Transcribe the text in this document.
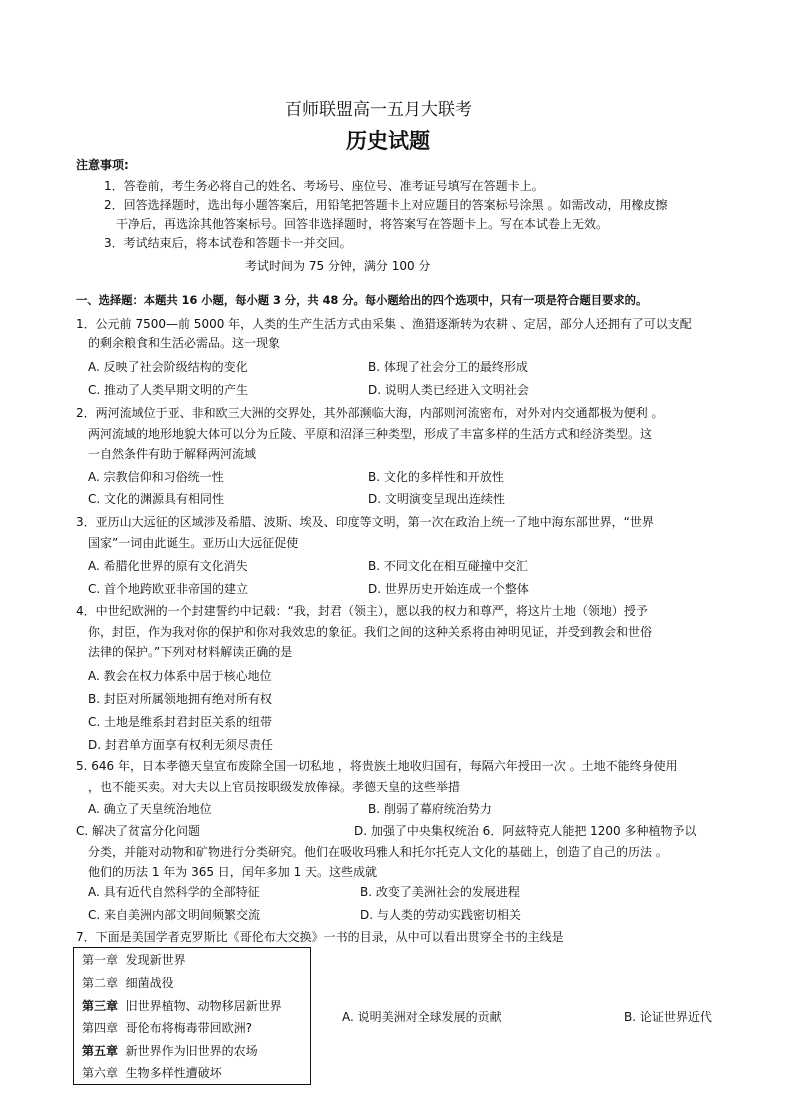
百师联盟高一五月大联考
历史试题
注意事项:
1．答卷前，考生务必将自己的姓名、考场号、座位号、准考证号填写在答题卡上。
2．回答选择题时，选出每小题答案后，用铅笔把答题卡上对应题目的答案标号涂黑 。如需改动，用橡皮擦
干净后，再选涂其他答案标号。回答非选择题时，将答案写在答题卡上。写在本试卷上无效。
3．考试结束后，将本试卷和答题卡一并交回。
考试时间为 75 分钟，满分 100 分
一、选择题：本题共 16 小题，每小题 3 分，共 48 分。每小题给出的四个选项中，只有一项是符合题目要求的。
1．公元前 7500—前 5000 年，人类的生产生活方式由采集 、渔猎逐渐转为农耕 、定居，部分人还拥有了可以支配
的剩余粮食和生活必需品。这一现象
A. 反映了社会阶级结构的变化	B. 体现了社会分工的最终形成
C. 推动了人类早期文明的产生	D. 说明人类已经进入文明社会
2．两河流域位于亚、非和欧三大洲的交界处，其外部濒临大海，内部则河流密布，对外对内交通都极为便利 。
两河流域的地形地貌大体可以分为丘陵、平原和沼泽三种类型，形成了丰富多样的生活方式和经济类型。这
一自然条件有助于解释两河流域
A. 宗教信仰和习俗统一性	B. 文化的多样性和开放性
C. 文化的渊源具有相同性	D. 文明演变呈现出连续性
3．亚历山大远征的区域涉及希腊、波斯、埃及、印度等文明，第一次在政治上统一了地中海东部世界，“世界
国家”一词由此诞生。亚历山大远征促使
A. 希腊化世界的原有文化消失	B. 不同文化在相互碰撞中交汇
C. 首个地跨欧亚非帝国的建立	D. 世界历史开始连成一个整体
4．中世纪欧洲的一个封建誓约中记载：“我，封君（领主），愿以我的权力和尊严，将这片土地（领地）授予
你，封臣，作为我对你的保护和你对我效忠的象征。我们之间的这种关系将由神明见证，并受到教会和世俗
法律的保护。”下列对材料解读正确的是
A. 教会在权力体系中居于核心地位
B. 封臣对所属领地拥有绝对所有权
C. 土地是维系封君封臣关系的纽带
D. 封君单方面享有权利无须尽责任
5. 646 年，日本孝德天皇宣布废除全国一切私地 ，将贵族土地收归国有，每隔六年授田一次 。土地不能终身使用
，也不能买卖。对大夫以上官员按职级发放俸禄。孝德天皇的这些举措
A. 确立了天皇统治地位	B. 削弱了幕府统治势力
C. 解决了贫富分化问题	D. 加强了中央集权统治 6．阿兹特克人能把 1200 多种植物予以
分类，并能对动物和矿物进行分类研究。他们在吸收玛雅人和托尔托克人文化的基础上，创造了自己的历法 。
他们的历法 1 年为 365 日，闰年多加 1 天。这些成就
A. 具有近代自然科学的全部特征	B. 改变了美洲社会的发展进程
C. 来自美洲内部文明间频繁交流	D. 与人类的劳动实践密切相关
7．下面是美国学者克罗斯比《哥伦布大交换》一书的目录，从中可以看出贯穿全书的主线是
第一章 发现新世界
第二章 细菌战役
第三章 旧世界植物、动物移居新世界
第四章 哥伦布将梅毒带回欧洲?
第五章 新世界作为旧世界的农场
第六章 生物多样性遭破坏
A. 说明美洲对全球发展的贡献	B. 论证世界近代
